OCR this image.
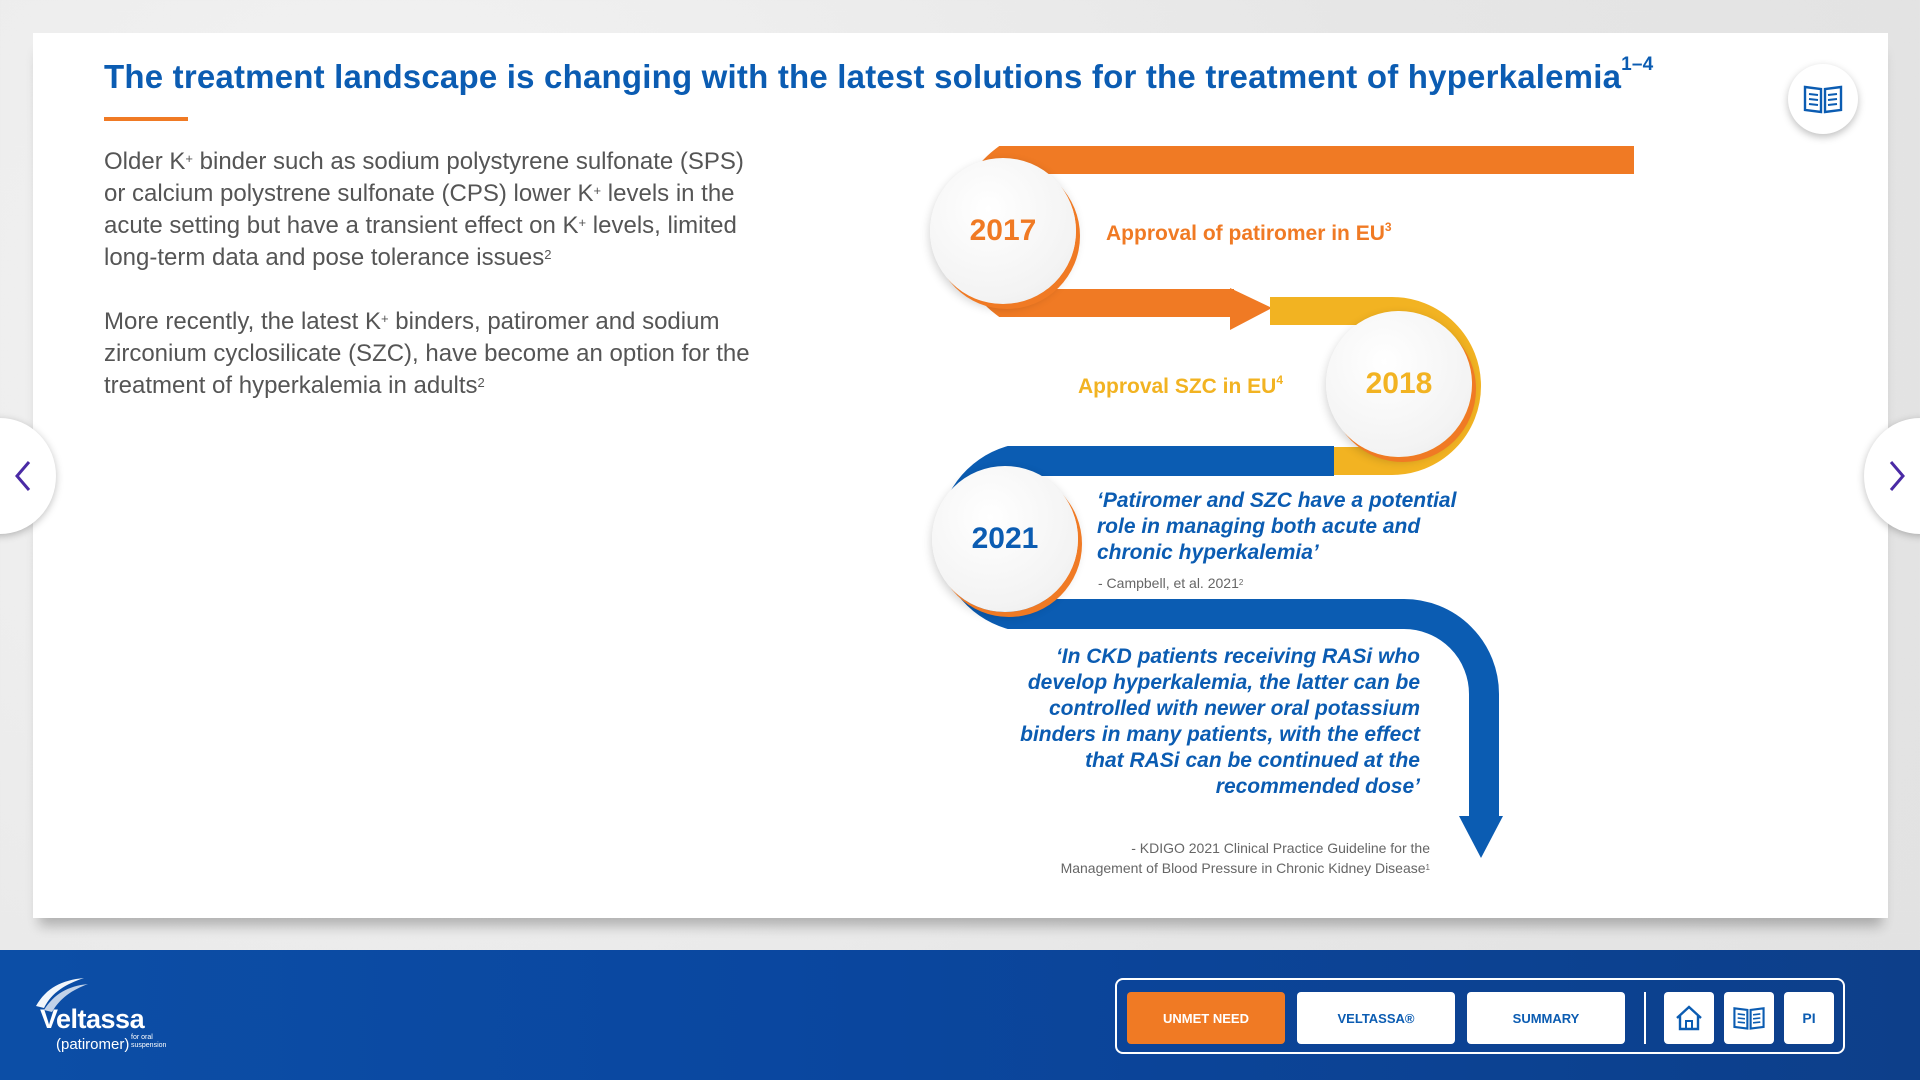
The treatment landscape is changing with the latest solutions for the treatment of hyperkalemia$^{1-4}$
Older K+ binder such as sodium polystyrene sulfonate (SPS) or calcium polystrene sulfonate (CPS) lower K+ levels in the acute setting but have a transient effect on K+ levels, limited long-term data and pose tolerance issues$^2$
More recently, the latest K+ binders, patiromer and sodium zirconium cyclosilicate (SZC), have become an option for the treatment of hyperkalemia in adults$^2$
2017	Approval of patiromer in $EU^3$
2018
Approval SZC in $EU^4$
2021
‘Patiromer and SZC have a potential role in managing both acute and chronic hyperkalemia’
- Campbell, et al. 2021$^2$
‘In CKD patients receiving RASi who develop hyperkalemia, the latter can be controlled with newer oral potassium binders in many patients, with the effect that RASi can be continued at the recommended dose’
- KDIGO 2021 Clinical Practice Guideline for the
Management of Blood Pressure in Chronic Kidney Disease$^1$
Veltassa
(patiromer) for oral suspension
UNMET NEED	VELTASSA®	SUMMARY	PI
